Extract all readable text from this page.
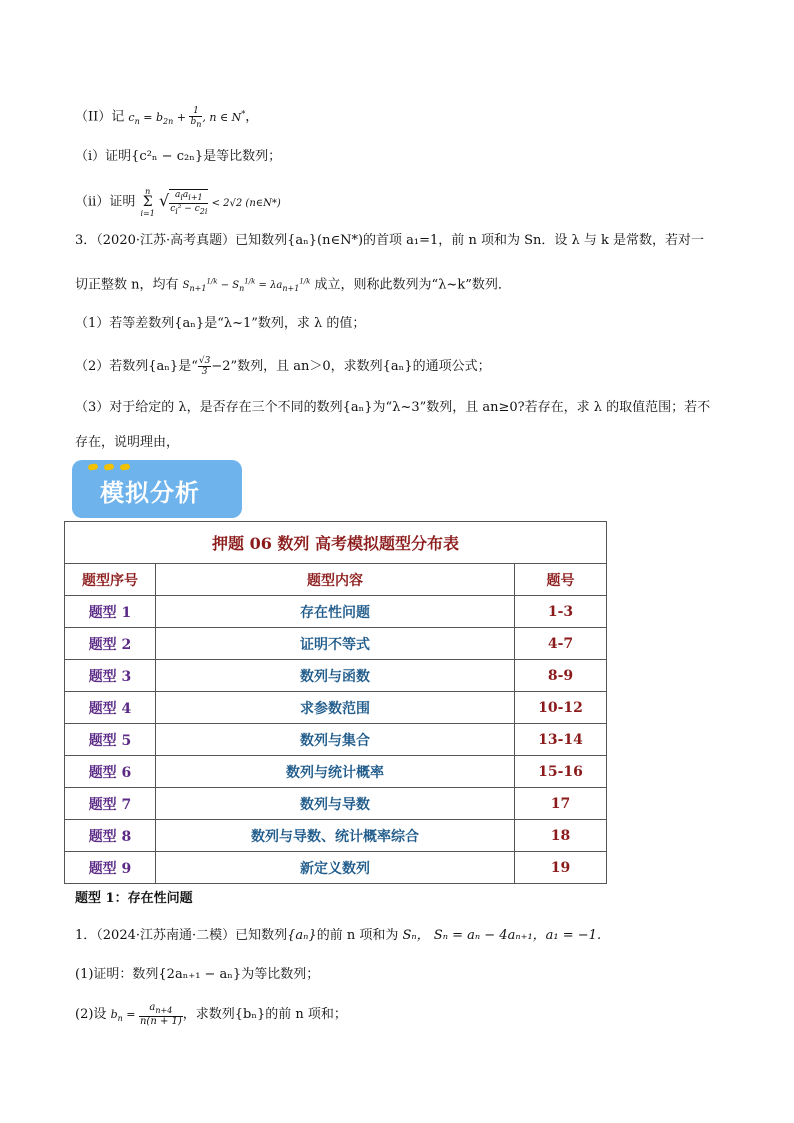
（II）记 $c_n = b_{2n} + \frac{1}{b_n}$ , n ∈ N*，
（i）证明{c²ₙ − c₂ₙ}是等比数列；
（ii）证明
n
Σ
i=1
√ $\frac{a_ia_{i+1}}{c_i^2 - c_{2i}} < 2√2$ (n∈N*)
3．（2020·江苏·高考真题）已知数列{aₙ}(n∈N*)的首项 a₁=1，前 n 项和为 Sn．设 λ 与 k 是常数，若对一
切正整数 n，均有 $S_{n+1}^{1/k} - S_n^{1/k} = \lambda a_{n+1}^{1/k}$ 成立，则称此数列为“λ~k”数列．
（1）若等差数列{aₙ}是“λ~1”数列，求 λ 的值；
（2）若数列{aₙ}是“ $\frac{√3}{3} -2$”数列，且 an＞0，求数列{aₙ}的通项公式；
（3）对于给定的 λ，是否存在三个不同的数列{aₙ}为“λ~3”数列，且 an≥0?若存在，求 λ 的取值范围；若不
存在，说明理由，
模拟分析
押题 06 数列 高考模拟题型分布表		
题型序号	题型内容	题号
题型 1	存在性问题	1-3
题型 2	证明不等式	4-7
题型 3	数列与函数	8-9
题型 4	求参数范围	10-12
题型 5	数列与集合	13-14
题型 6	数列与统计概率	15-16
题型 7	数列与导数	17
题型 8	数列与导数、统计概率综合	18
题型 9	新定义数列	19
题型 1：存在性问题
1．（2024·江苏南通·二模）已知数列{aₙ}的前 n 项和为 Sₙ， Sₙ = aₙ − 4aₙ₊₁，a₁ = −1.
(1)证明：数列{2aₙ₊₁ − aₙ}为等比数列；
(2)设 $b_n = \frac{a_{n+4}}{n(n + 1)}$ ，求数列{bₙ}的前 n 项和；
